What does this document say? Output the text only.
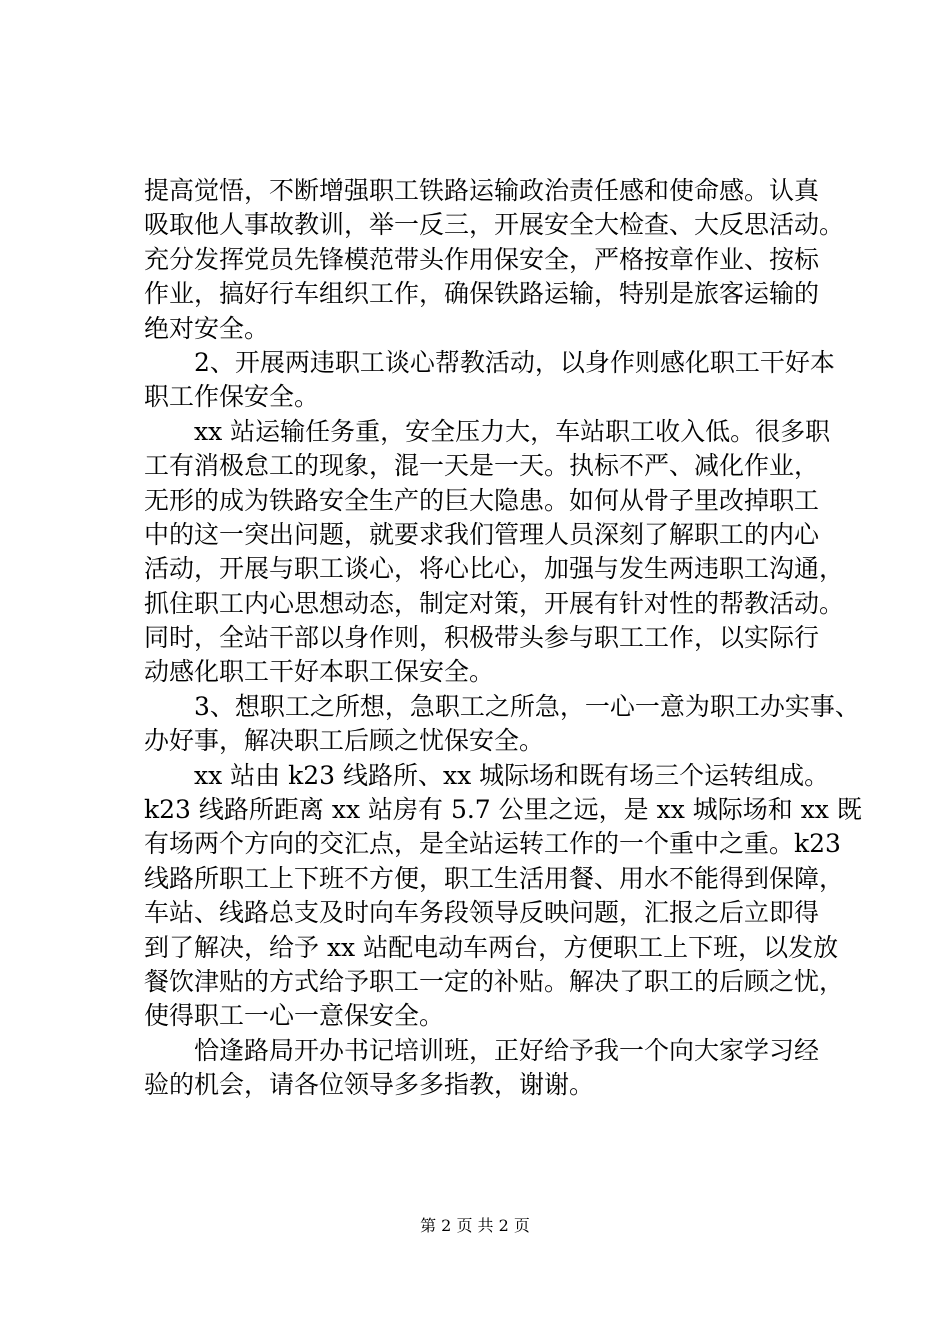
提高觉悟，不断增强职工铁路运输政治责任感和使命感。认真
吸取他人事故教训，举一反三，开展安全大检查、大反思活动。
充分发挥党员先锋模范带头作用保安全，严格按章作业、按标
作业，搞好行车组织工作，确保铁路运输，特别是旅客运输的
绝对安全。
　　2、开展两违职工谈心帮教活动，以身作则感化职工干好本
职工作保安全。
　　xx 站运输任务重，安全压力大，车站职工收入低。很多职
工有消极怠工的现象，混一天是一天。执标不严、减化作业，
无形的成为铁路安全生产的巨大隐患。如何从骨子里改掉职工
中的这一突出问题，就要求我们管理人员深刻了解职工的内心
活动，开展与职工谈心，将心比心，加强与发生两违职工沟通，
抓住职工内心思想动态，制定对策，开展有针对性的帮教活动。
同时，全站干部以身作则，积极带头参与职工工作，以实际行
动感化职工干好本职工保安全。
　　3、想职工之所想，急职工之所急，一心一意为职工办实事、
办好事，解决职工后顾之忧保安全。
　　xx 站由 k23 线路所、xx 城际场和既有场三个运转组成。
k23 线路所距离 xx 站房有 5.7 公里之远，是 xx 城际场和 xx 既
有场两个方向的交汇点，是全站运转工作的一个重中之重。k23
线路所职工上下班不方便，职工生活用餐、用水不能得到保障，
车站、线路总支及时向车务段领导反映问题，汇报之后立即得
到了解决，给予 xx 站配电动车两台，方便职工上下班，以发放
餐饮津贴的方式给予职工一定的补贴。解决了职工的后顾之忧，
使得职工一心一意保安全。
　　恰逢路局开办书记培训班，正好给予我一个向大家学习经
验的机会，请各位领导多多指教，谢谢。
第 2 页 共 2 页
